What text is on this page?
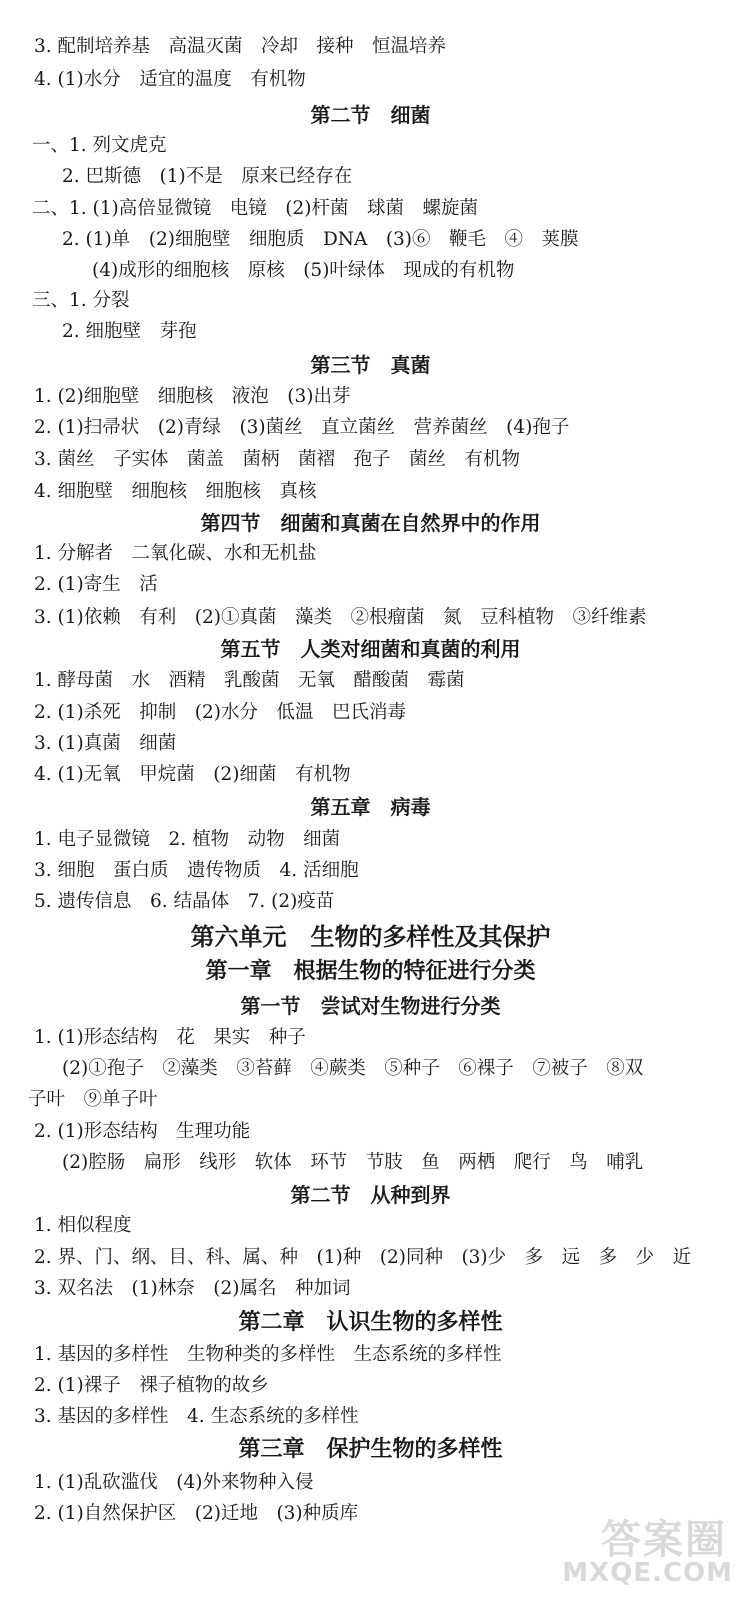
3. 配制培养基　高温灭菌　冷却　接种　恒温培养
4. (1)水分　适宜的温度　有机物
第二节　细菌
一、1. 列文虎克
2. 巴斯德　(1)不是　原来已经存在
二、1. (1)高倍显微镜　电镜　(2)杆菌　球菌　螺旋菌
2. (1)单　(2)细胞壁　细胞质　DNA　(3)⑥　鞭毛　④　荚膜
(4)成形的细胞核　原核　(5)叶绿体　现成的有机物
三、1. 分裂
2. 细胞壁　芽孢
第三节　真菌
1. (2)细胞壁　细胞核　液泡　(3)出芽
2. (1)扫帚状　(2)青绿　(3)菌丝　直立菌丝　营养菌丝　(4)孢子
3. 菌丝　子实体　菌盖　菌柄　菌褶　孢子　菌丝　有机物
4. 细胞壁　细胞核　细胞核　真核
第四节　细菌和真菌在自然界中的作用
1. 分解者　二氧化碳、水和无机盐
2. (1)寄生　活
3. (1)依赖　有利　(2)①真菌　藻类　②根瘤菌　氮　豆科植物　③纤维素
第五节　人类对细菌和真菌的利用
1. 酵母菌　水　酒精　乳酸菌　无氧　醋酸菌　霉菌
2. (1)杀死　抑制　(2)水分　低温　巴氏消毒
3. (1)真菌　细菌
4. (1)无氧　甲烷菌　(2)细菌　有机物
第五章　病毒
1. 电子显微镜　2. 植物　动物　细菌
3. 细胞　蛋白质　遗传物质　4. 活细胞
5. 遗传信息　6. 结晶体　7. (2)疫苗
第六单元　生物的多样性及其保护
第一章　根据生物的特征进行分类
第一节　尝试对生物进行分类
1. (1)形态结构　花　果实　种子
(2)①孢子　②藻类　③苔藓　④蕨类　⑤种子　⑥裸子　⑦被子　⑧双
子叶　⑨单子叶
2. (1)形态结构　生理功能
(2)腔肠　扁形　线形　软体　环节　节肢　鱼　两栖　爬行　鸟　哺乳
第二节　从种到界
1. 相似程度
2. 界、门、纲、目、科、属、种　(1)种　(2)同种　(3)少　多　远　多　少　近
3. 双名法　(1)林奈　(2)属名　种加词
第二章　认识生物的多样性
1. 基因的多样性　生物种类的多样性　生态系统的多样性
2. (1)裸子　裸子植物的故乡
3. 基因的多样性　4. 生态系统的多样性
第三章　保护生物的多样性
1. (1)乱砍滥伐　(4)外来物种入侵
2. (1)自然保护区　(2)迁地　(3)种质库
答案圈
MXQE.COM
